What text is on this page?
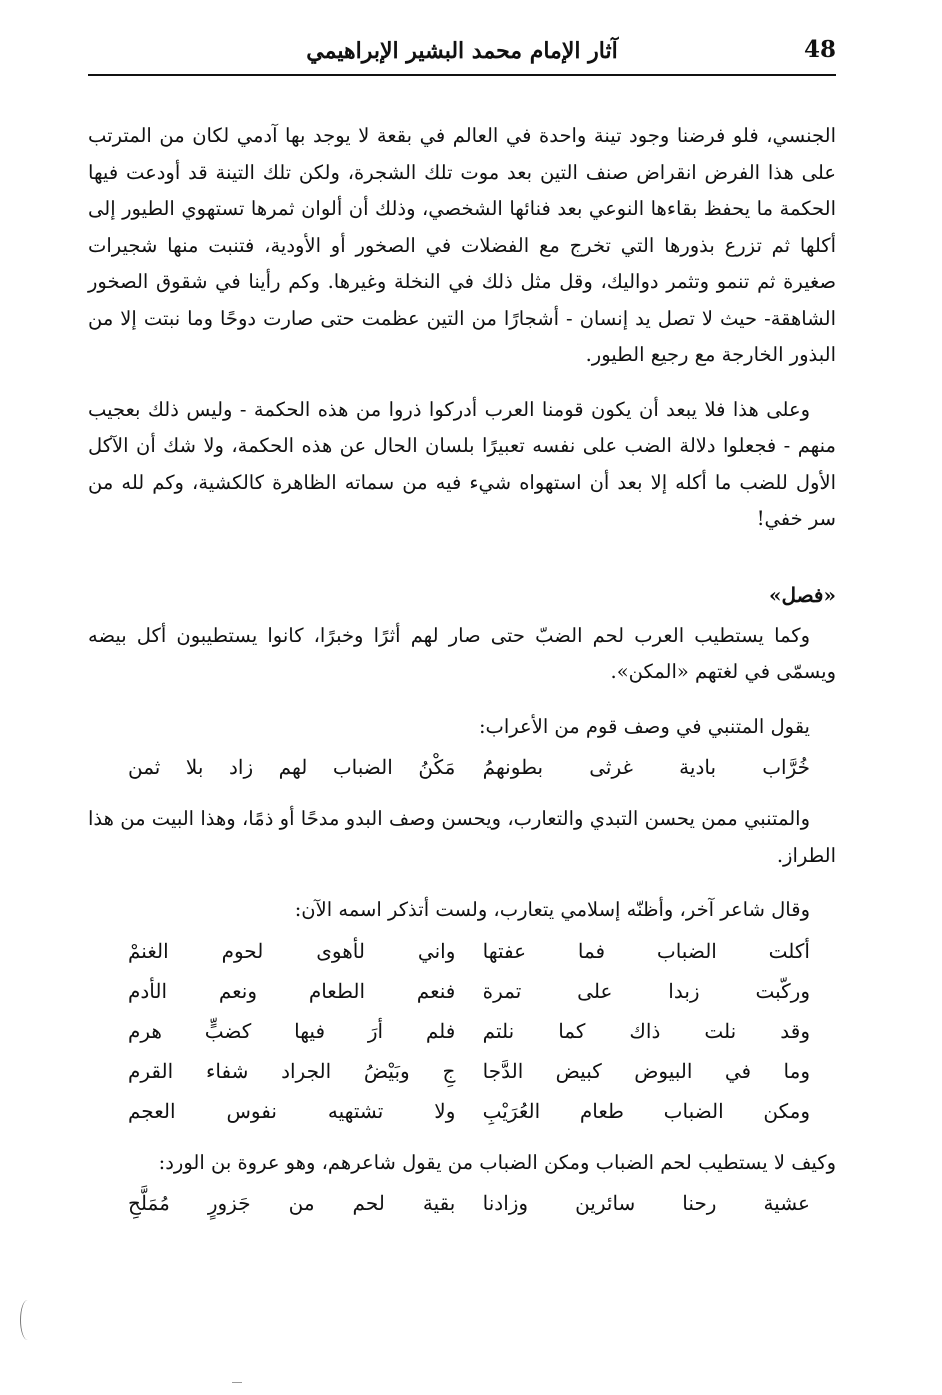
48
آثار الإمام محمد البشير الإبراهيمي

الجنسي، فلو فرضنا وجود تينة واحدة في العالم في بقعة لا يوجد بها آدمي لكان من المترتب على هذا الفرض انقراض صنف التين بعد موت تلك الشجرة، ولكن تلك التينة قد أودعت فيها الحكمة ما يحفظ بقاءها النوعي بعد فنائها الشخصي، وذلك أن ألوان ثمرها تستهوي الطيور إلى أكلها ثم تزرع بذورها التي تخرج مع الفضلات في الصخور أو الأودية، فتنبت منها شجيرات صغيرة ثم تنمو وتثمر دواليك، وقل مثل ذلك في النخلة وغيرها. وكم رأينا في شقوق الصخور الشاهقة- حيث لا تصل يد إنسان - أشجارًا من التين عظمت حتى صارت دوحًا وما نبتت إلا من البذور الخارجة مع رجيع الطيور.

وعلى هذا فلا يبعد أن يكون قومنا العرب أدركوا ذروا من هذه الحكمة - وليس ذلك بعجيب منهم - فجعلوا دلالة الضب على نفسه تعبيرًا بلسان الحال عن هذه الحكمة، ولا شك أن الآكل الأول للضب ما أكله إلا بعد أن استهواه شيء فيه من سماته الظاهرة كالكشية، وكم لله من سر خفي!

«فصل»

وكما يستطيب العرب لحم الضبّ حتى صار لهم أثرًا وخبرًا، كانوا يستطيبون أكل بيضه ويسمّى في لغتهم «المكن».

يقول المتنبي في وصف قوم من الأعراب:

خُرَّاب بادية غرثى بطونهمُ
مَكْنُ الضباب لهم زاد بلا ثمن

والمتنبي ممن يحسن التبدي والتعارب، ويحسن وصف البدو مدحًا أو ذمًا، وهذا البيت من هذا الطراز.

وقال شاعر آخر، وأظنّه إسلامي يتعارب، ولست أتذكر اسمه الآن:

أكلت الضباب فما عفتها
واني لأهوى لحوم الغنمْ
وركّبت زبدا على تمرة
فنعم الطعام ونعم الأدم
وقد نلت ذاك كما نلتم
فلم أرَ فيها كضبٍّ هرم
وما في البيوض كبيض الدَّجا
جِ وبَيْضُ الجراد شفاء القرم
ومكن الضباب طعام العُرَيْبِ
ولا تشتهيه نفوس العجم

وكيف لا يستطيب لحم الضباب ومكن الضباب من يقول شاعرهم، وهو عروة بن الورد:

عشية رحنا سائرين وزادنا
بقية لحم من جَزورٍ مُمَلَّحِ
